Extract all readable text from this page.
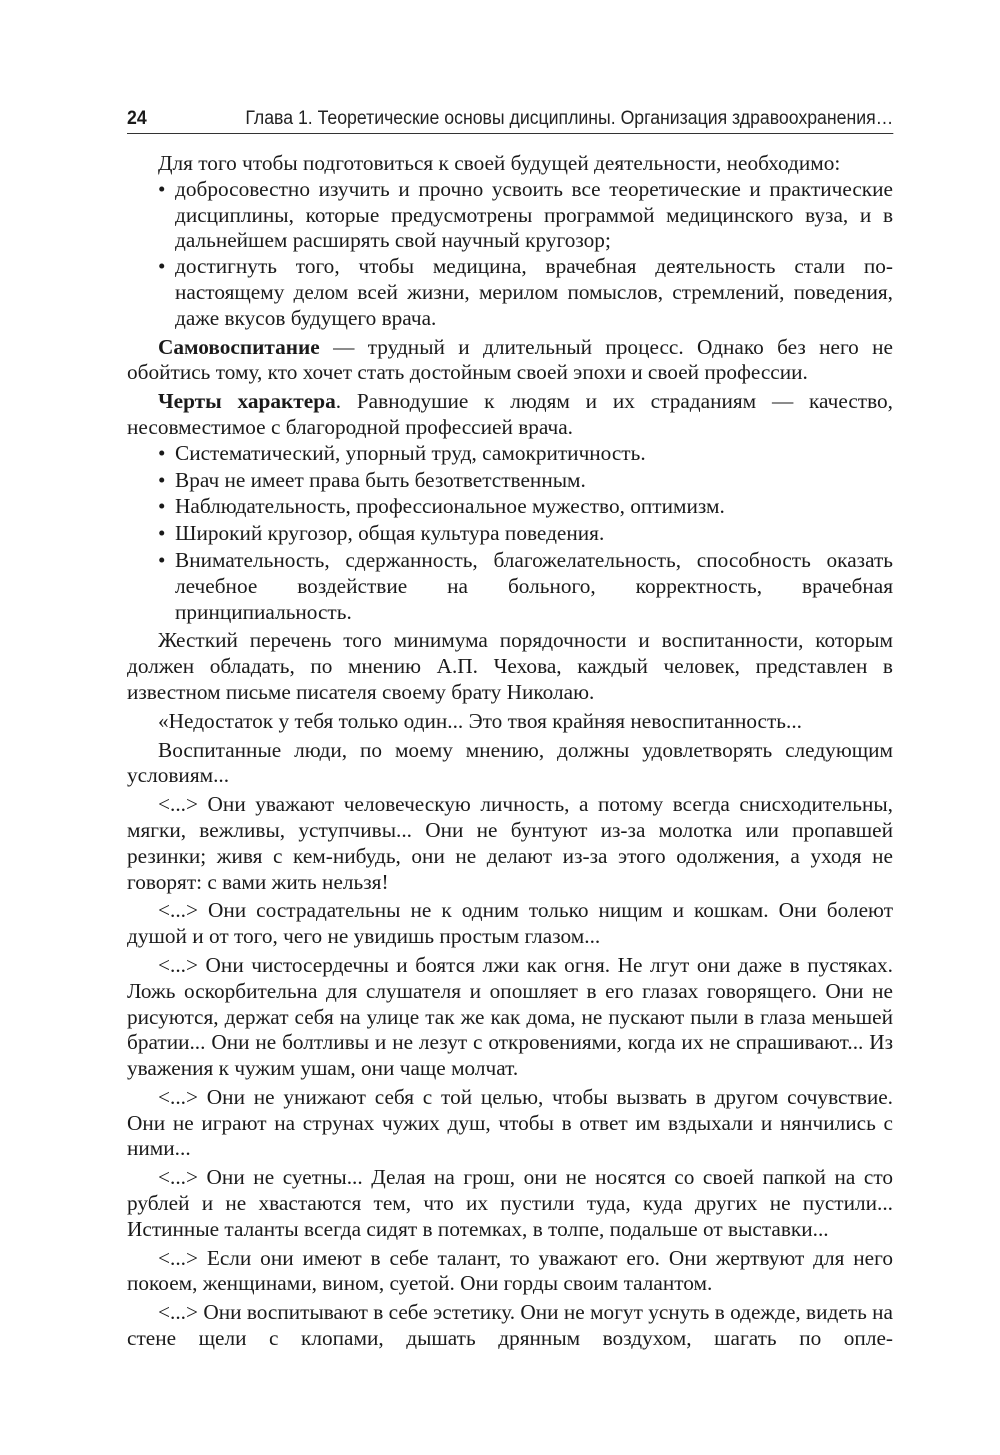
24	Глава 1. Теоретические основы дисциплины. Организация здравоохранения…

Для того чтобы подготовиться к своей будущей деятельности, необходимо:

• добросовестно изучить и прочно усвоить все теоретические и практические дисциплины, которые предусмотрены программой медицинского вуза, и в дальнейшем расширять свой научный кругозор;
• достигнуть того, чтобы медицина, врачебная деятельность стали по-настоящему делом всей жизни, мерилом помыслов, стремлений, поведения, даже вкусов будущего врача.

Самовоспитание — трудный и длительный процесс. Однако без него не обойтись тому, кто хочет стать достойным своей эпохи и своей профессии.

Черты характера. Равнодушие к людям и их страданиям — качество, несовместимое с благородной профессией врача.

• Систематический, упорный труд, самокритичность.
• Врач не имеет права быть безответственным.
• Наблюдательность, профессиональное мужество, оптимизм.
• Широкий кругозор, общая культура поведения.
• Внимательность, сдержанность, благожелательность, способность оказать лечебное воздействие на больного, корректность, врачебная принципиальность.

Жесткий перечень того минимума порядочности и воспитанности, которым должен обладать, по мнению А.П. Чехова, каждый человек, представлен в известном письме писателя своему брату Николаю.

«Недостаток у тебя только один... Это твоя крайняя невоспитанность...

Воспитанные люди, по моему мнению, должны удовлетворять следующим условиям...

<...> Они уважают человеческую личность, а потому всегда снисходительны, мягки, вежливы, уступчивы... Они не бунтуют из-за молотка или пропавшей резинки; живя с кем-нибудь, они не делают из-за этого одолжения, а уходя не говорят: с вами жить нельзя!

<...> Они сострадательны не к одним только нищим и кошкам. Они болеют душой и от того, чего не увидишь простым глазом...

<...> Они чистосердечны и боятся лжи как огня. Не лгут они даже в пустяках. Ложь оскорбительна для слушателя и опошляет в его глазах говорящего. Они не рисуются, держат себя на улице так же как дома, не пускают пыли в глаза меньшей братии... Они не болтливы и не лезут с откровениями, когда их не спрашивают... Из уважения к чужим ушам, они чаще молчат.

<...> Они не унижают себя с той целью, чтобы вызвать в другом сочувствие. Они не играют на струнах чужих душ, чтобы в ответ им вздыхали и нянчились с ними...

<...> Они не суетны... Делая на грош, они не носятся со своей папкой на сто рублей и не хвастаются тем, что их пустили туда, куда других не пустили... Истинные таланты всегда сидят в потемках, в толпе, подальше от выставки...

<...> Если они имеют в себе талант, то уважают его. Они жертвуют для него покоем, женщинами, вином, суетой. Они горды своим талантом.

<...> Они воспитывают в себе эстетику. Они не могут уснуть в одежде, видеть на стене щели с клопами, дышать дрянным воздухом, шагать по опле-
